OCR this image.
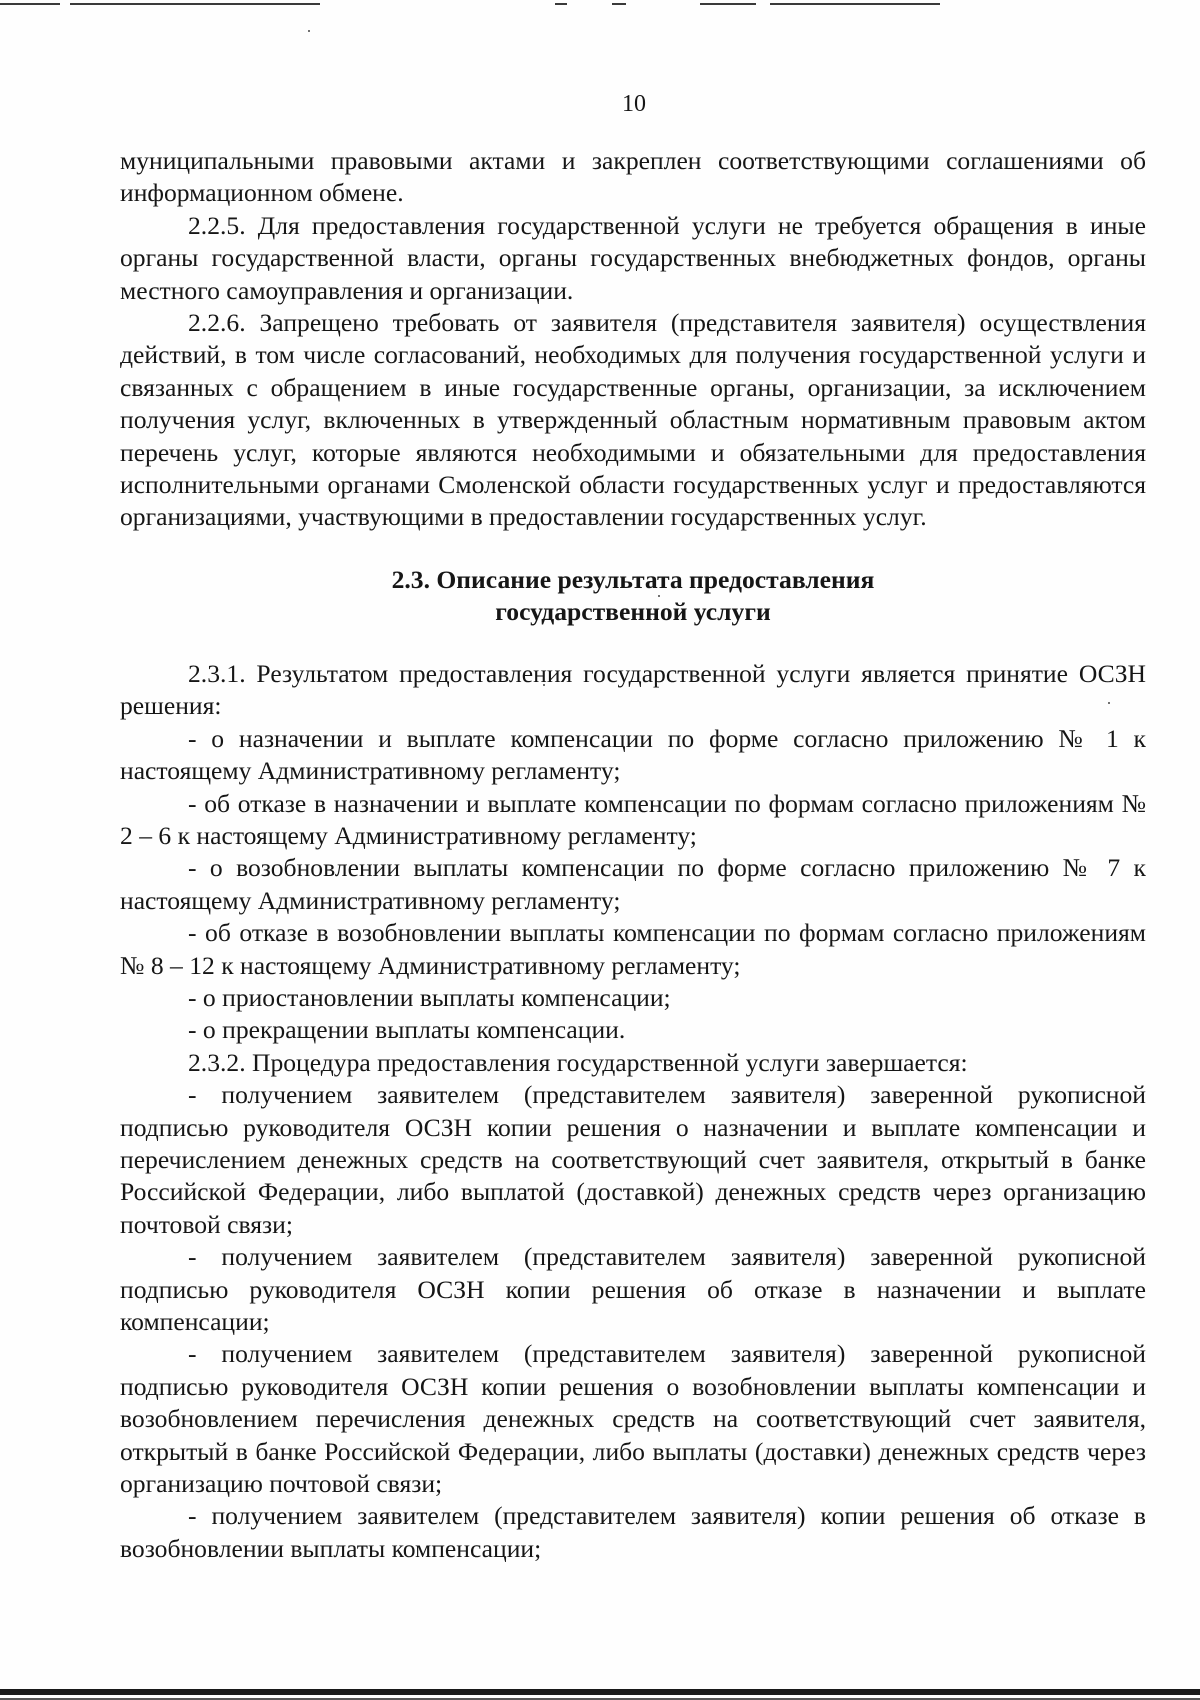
10

муниципальными правовыми актами и закреплен соответствующими соглашениями об информационном обмене.

2.2.5. Для предоставления государственной услуги не требуется обращения в иные органы государственной власти, органы государственных внебюджетных фондов, органы местного самоуправления и организации.

2.2.6. Запрещено требовать от заявителя (представителя заявителя) осуществления действий, в том числе согласований, необходимых для получения государственной услуги и связанных с обращением в иные государственные органы, организации, за исключением получения услуг, включенных в утвержденный областным нормативным правовым актом перечень услуг, которые являются необходимыми и обязательными для предоставления исполнительными органами Смоленской области государственных услуг и предоставляются организациями, участвующими в предоставлении государственных услуг.

2.3. Описание результата предоставления
государственной услуги

2.3.1. Результатом предоставления государственной услуги является принятие ОСЗН решения:

- о назначении и выплате компенсации по форме согласно приложению № 1 к настоящему Административному регламенту;

- об отказе в назначении и выплате компенсации по формам согласно приложениям № 2 – 6 к настоящему Административному регламенту;

- о возобновлении выплаты компенсации по форме согласно приложению № 7 к настоящему Административному регламенту;

- об отказе в возобновлении выплаты компенсации по формам согласно приложениям № 8 – 12 к настоящему Административному регламенту;

- о приостановлении выплаты компенсации;

- о прекращении выплаты компенсации.

2.3.2. Процедура предоставления государственной услуги завершается:

- получением заявителем (представителем заявителя) заверенной рукописной подписью руководителя ОСЗН копии решения о назначении и выплате компенсации и перечислением денежных средств на соответствующий счет заявителя, открытый в банке Российской Федерации, либо выплатой (доставкой) денежных средств через организацию почтовой связи;

- получением заявителем (представителем заявителя) заверенной рукописной подписью руководителя ОСЗН копии решения об отказе в назначении и выплате компенсации;

- получением заявителем (представителем заявителя) заверенной рукописной подписью руководителя ОСЗН копии решения о возобновлении выплаты компенсации и возобновлением перечисления денежных средств на соответствующий счет заявителя, открытый в банке Российской Федерации, либо выплаты (доставки) денежных средств через организацию почтовой связи;

- получением заявителем (представителем заявителя) копии решения об отказе в возобновлении выплаты компенсации;
